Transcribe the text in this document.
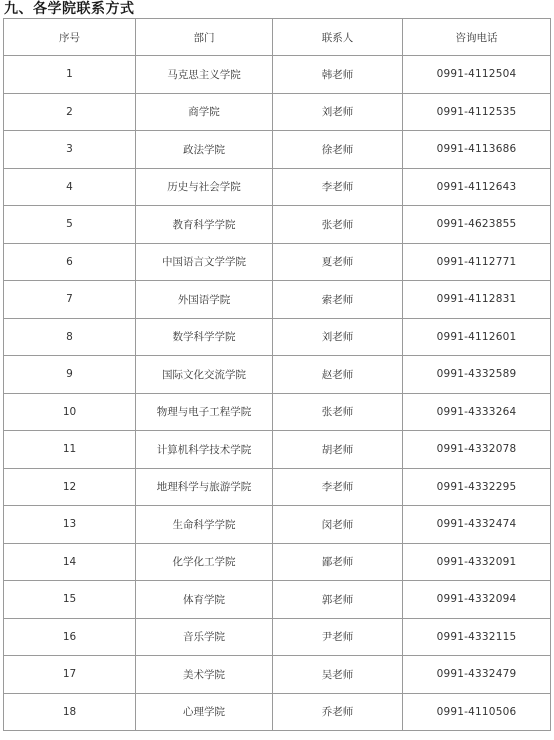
九、各学院联系方式
序号	部门	联系人	咨询电话
1	马克思主义学院	韩老师	0991-4112504
2	商学院	刘老师	0991-4112535
3	政法学院	徐老师	0991-4113686
4	历史与社会学院	李老师	0991-4112643
5	教育科学学院	张老师	0991-4623855
6	中国语言文学学院	夏老师	0991-4112771
7	外国语学院	索老师	0991-4112831
8	数学科学学院	刘老师	0991-4112601
9	国际文化交流学院	赵老师	0991-4332589
10	物理与电子工程学院	张老师	0991-4333264
11	计算机科学技术学院	胡老师	0991-4332078
12	地理科学与旅游学院	李老师	0991-4332295
13	生命科学学院	闵老师	0991-4332474
14	化学化工学院	鄙老师	0991-4332091
15	体育学院	郭老师	0991-4332094
16	音乐学院	尹老师	0991-4332115
17	美术学院	吴老师	0991-4332479
18	心理学院	乔老师	0991-4110506
